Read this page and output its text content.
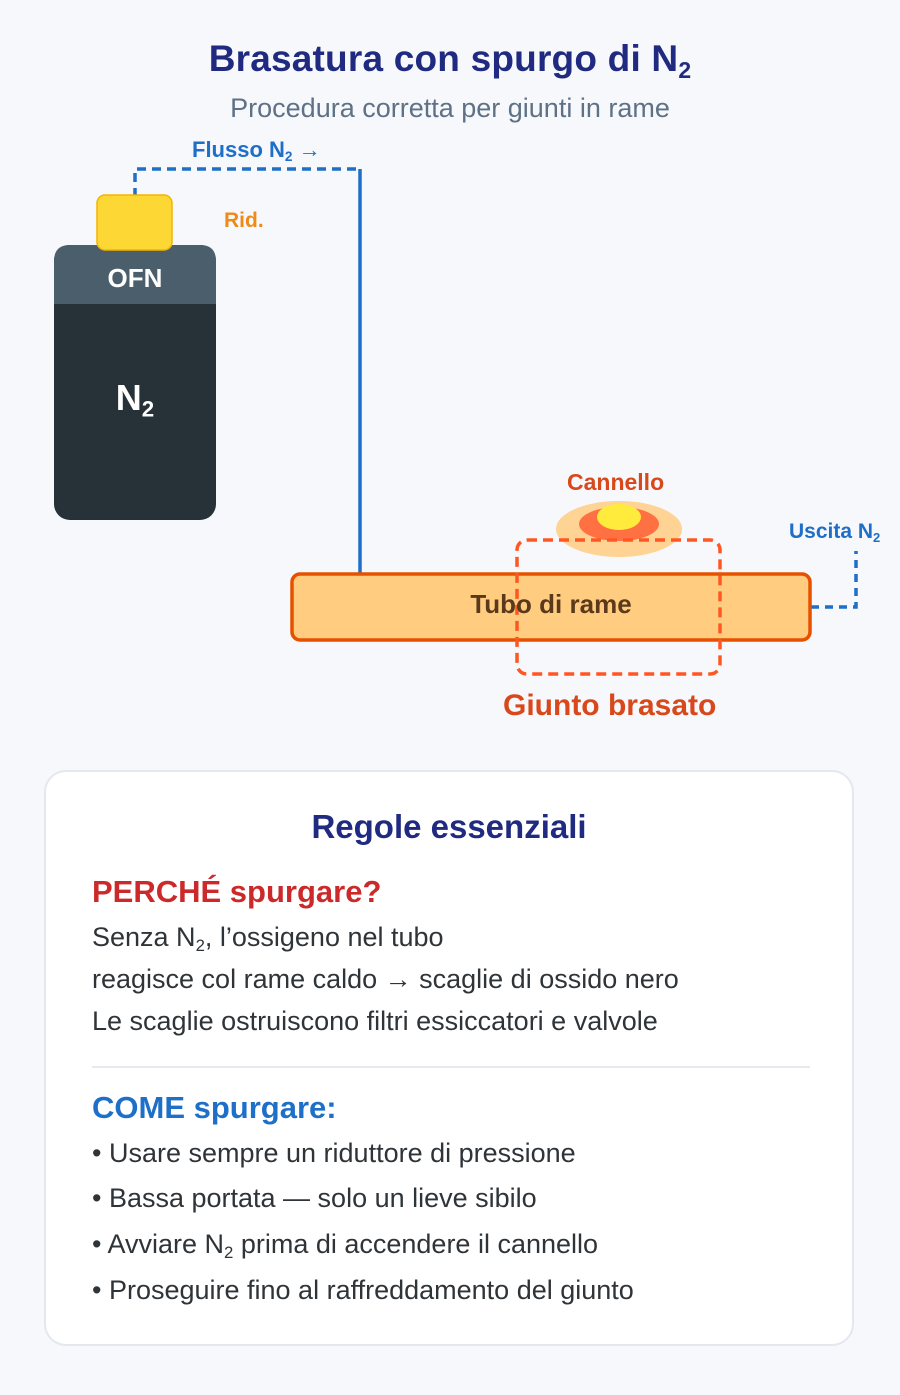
Brasatura con spurgo di $N_2$
Procedura corretta per giunti in rame
Flusso $N_2$ →
Rid.
OFN
$N_2$
Cannello
Uscita $N_2$
Tubo di rame
Giunto brasato
Regole essenziali
PERCHÉ spurgare?
Senza $N_2$, l’ossigeno nel tubo
reagisce col rame caldo → scaglie di ossido nero
Le scaglie ostruiscono filtri essiccatori e valvole
COME spurgare:
• Usare sempre un riduttore di pressione
• Bassa portata — solo un lieve sibilo
• Avviare $N_2$ prima di accendere il cannello
• Proseguire fino al raffreddamento del giunto
